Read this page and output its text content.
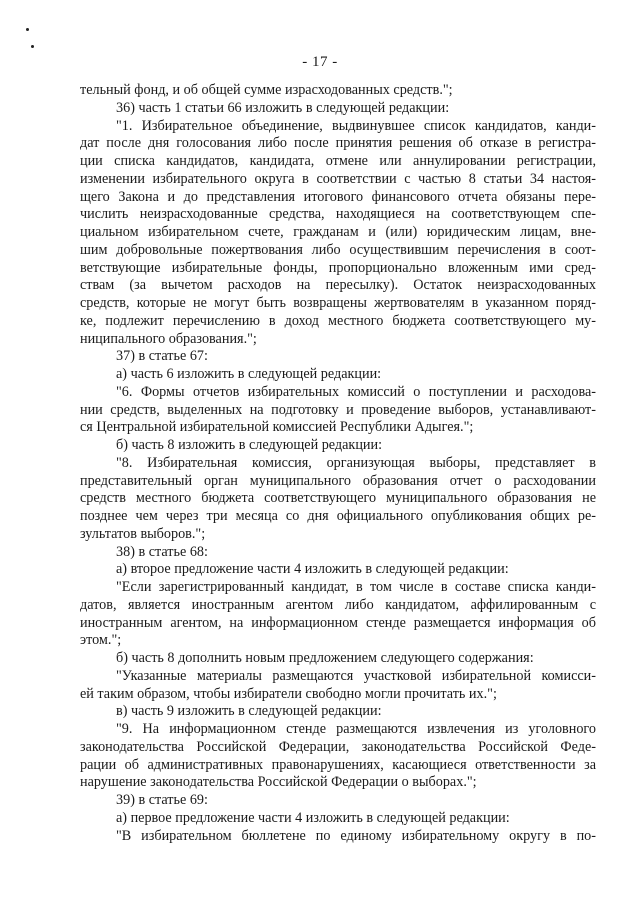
- 17 -
тельный фонд, и об общей сумме израсходованных средств.";
36) часть 1 статьи 66 изложить в следующей редакции:
"1. Избирательное объединение, выдвинувшее список кандидатов, канди-
дат после дня голосования либо после принятия решения об отказе в регистра-
ции списка кандидатов, кандидата, отмене или аннулировании регистрации,
изменении избирательного округа в соответствии с частью 8 статьи 34 настоя-
щего Закона и до представления итогового финансового отчета обязаны пере-
числить неизрасходованные средства, находящиеся на соответствующем спе-
циальном избирательном счете, гражданам и (или) юридическим лицам, вне-
шим добровольные пожертвования либо осуществившим перечисления в соот-
ветствующие избирательные фонды, пропорционально вложенным ими сред-
ствам (за вычетом расходов на пересылку). Остаток неизрасходованных
средств, которые не могут быть возвращены жертвователям в указанном поряд-
ке, подлежит перечислению в доход местного бюджета соответствующего му-
ниципального образования.";
37) в статье 67:
а) часть 6 изложить в следующей редакции:
"6. Формы отчетов избирательных комиссий о поступлении и расходова-
нии средств, выделенных на подготовку и проведение выборов, устанавливают-
ся Центральной избирательной комиссией Республики Адыгея.";
б) часть 8 изложить в следующей редакции:
"8. Избирательная комиссия, организующая выборы, представляет в
представительный орган муниципального образования отчет о расходовании
средств местного бюджета соответствующего муниципального образования не
позднее чем через три месяца со дня официального опубликования общих ре-
зультатов выборов.";
38) в статье 68:
а) второе предложение части 4 изложить в следующей редакции:
"Если зарегистрированный кандидат, в том числе в составе списка канди-
датов, является иностранным агентом либо кандидатом, аффилированным с
иностранным агентом, на информационном стенде размещается информация об
этом.";
б) часть 8 дополнить новым предложением следующего содержания:
"Указанные материалы размещаются участковой избирательной комисси-
ей таким образом, чтобы избиратели свободно могли прочитать их.";
в) часть 9 изложить в следующей редакции:
"9. На информационном стенде размещаются извлечения из уголовного
законодательства Российской Федерации, законодательства Российской Феде-
рации об административных правонарушениях, касающиеся ответственности за
нарушение законодательства Российской Федерации о выборах.";
39) в статье 69:
а) первое предложение части 4 изложить в следующей редакции:
"В избирательном бюллетене по единому избирательному округу в по-
